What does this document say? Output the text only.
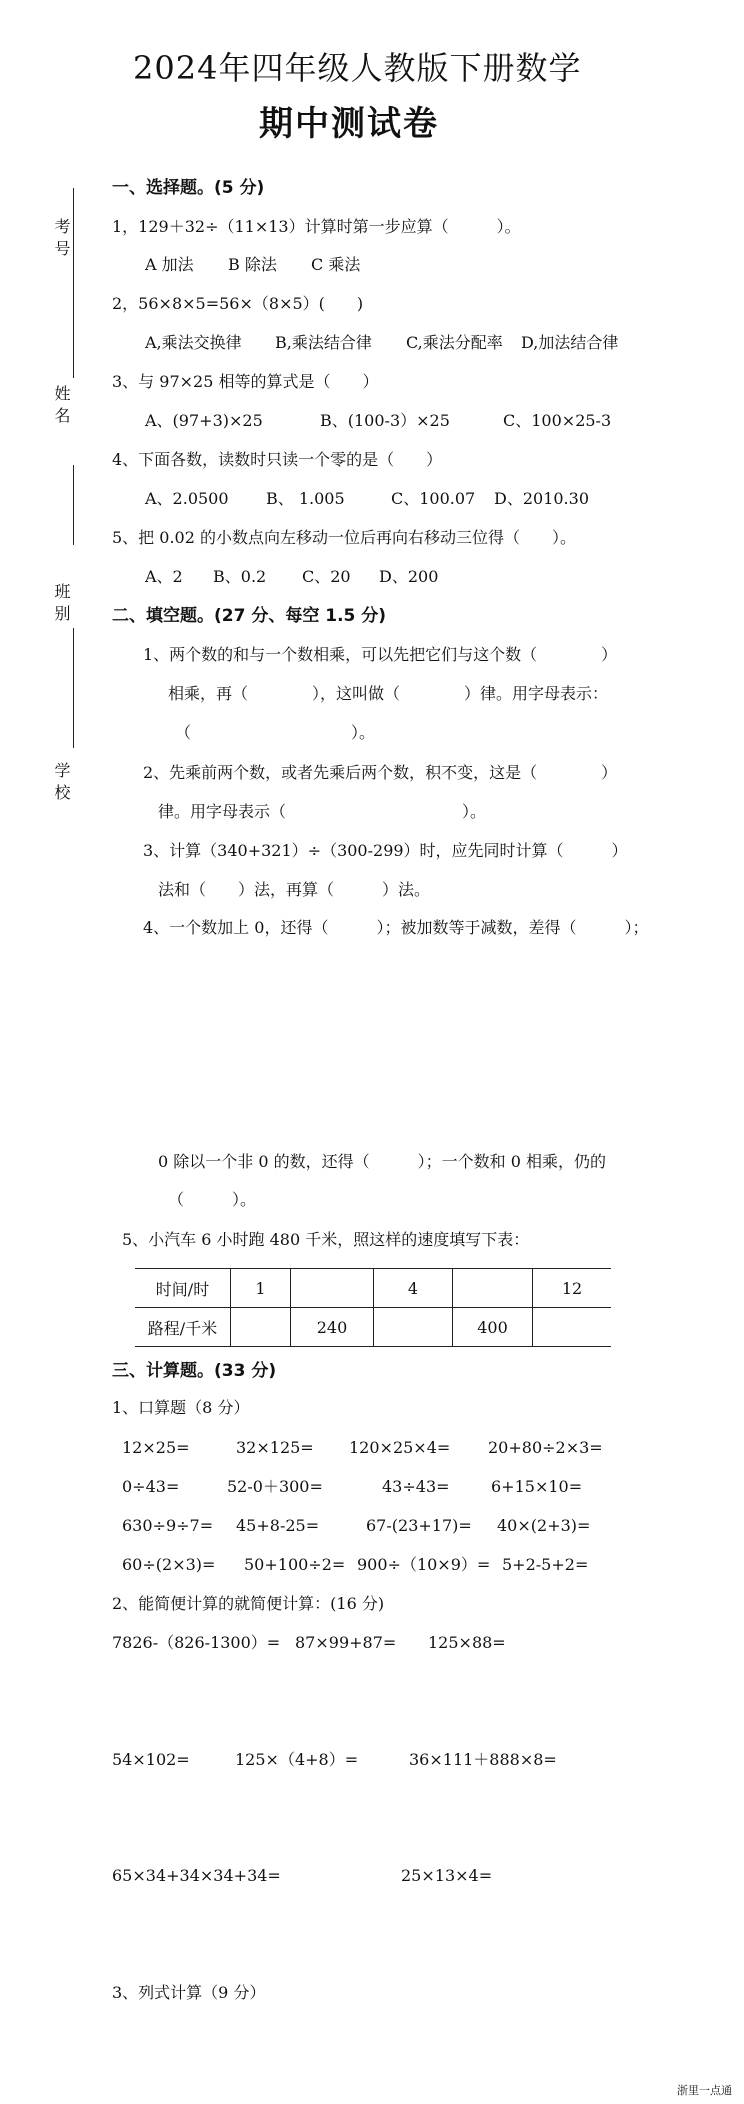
2024年四年级人教版下册数学
期中测试卷
考号
姓名
班别
学校
一、选择题。(5 分)
1，129＋32÷（11×13）计算时第一步应算（　　　）。
A 加法 B 除法 C 乘法
2，56×8×5=56×（8×5）(　　)
A,乘法交换律 B,乘法结合律 C,乘法分配率 D,加法结合律
3、与 97×25 相等的算式是（　　）
A、(97+3)×25	B、(100-3）×25	C、100×25-3
4、下面各数，读数时只读一个零的是（　　）
A、2.0500 B、 1.005	C、100.07 D、2010.30
5、把 0.02 的小数点向左移动一位后再向右移动三位得（　　）。
A、2 B、0.2 C、20 D、200
二、填空题。(27 分、每空 1.5 分)
1、两个数的和与一个数相乘，可以先把它们与这个数（　　　　）
相乘，再（　　　　），这叫做（　　　　）律。用字母表示：
（　　　　　　　　　　）。
2、先乘前两个数，或者先乘后两个数，积不变，这是（　　　　）
律。用字母表示（　　　　　　　　　　　）。
3、计算（340+321）÷（300-299）时，应先同时计算（　　　）
法和（　　）法，再算（　　　）法。
4、一个数加上 0，还得（　　　）；被加数等于减数，差得（　　　）；
0 除以一个非 0 的数，还得（　　　）；一个数和 0 相乘，仍的
（　　　）。
5、小汽车 6 小时跑 480 千米，照这样的速度填写下表：
时间/时	1		4		12
路程/千米		240		400	
三、计算题。(33 分)
1、口算题（8 分）
12×25=	32×125= 120×25×4= 20+80÷2×3=
0÷43=	52-0＋300=	43÷43=	6+15×10=
630÷9÷7= 45+8-25=	67-(23+17)= 40×(2+3)=
60÷(2×3)= 50+100÷2= 900÷（10×9）= 5+2-5+2=
2、能简便计算的就简便计算：(16 分)
7826-（826-1300）= 87×99+87= 125×88=
54×102=	125×（4+8）=	36×111＋888×8=
65×34+34×34+34=	25×13×4=
3、列式计算（9 分）
浙里一点通
